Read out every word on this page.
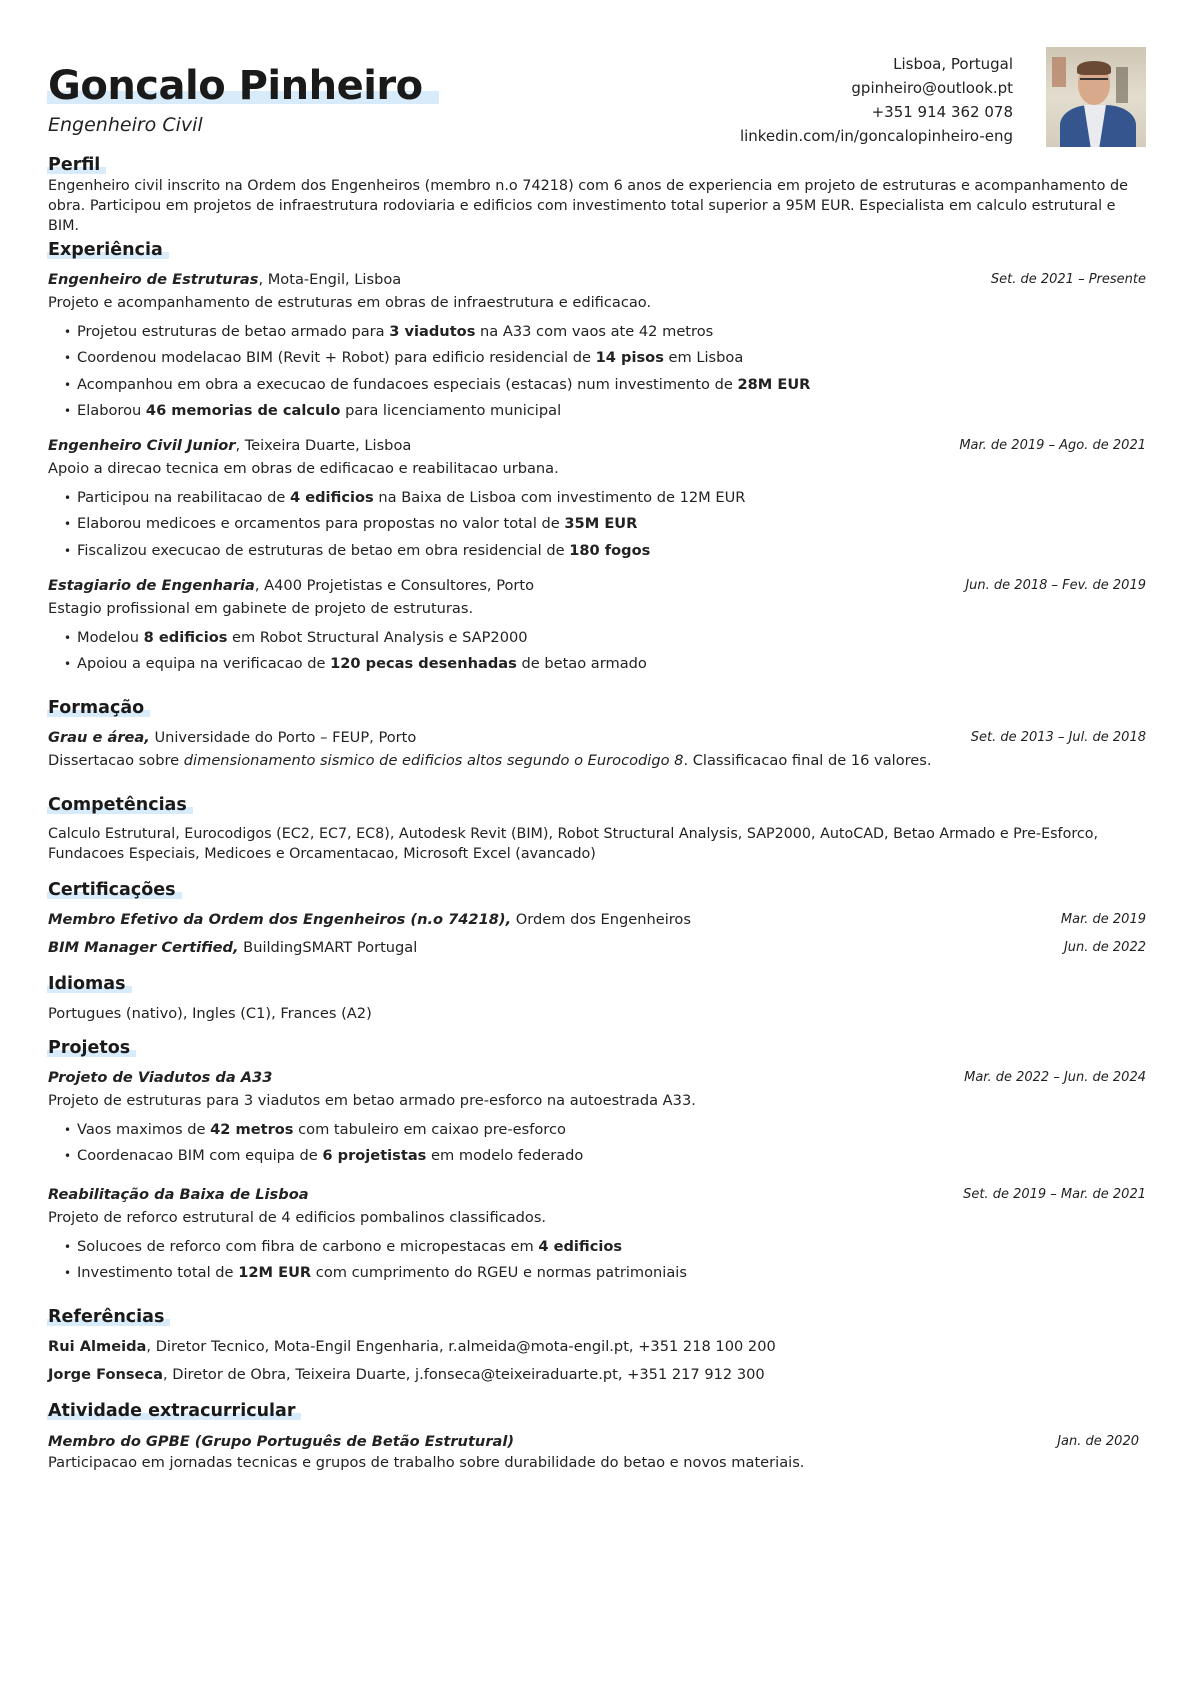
Goncalo Pinheiro
Engenheiro Civil
Lisboa, Portugal
gpinheiro@outlook.pt
+351 914 362 078
linkedin.com/in/goncalopinheiro-eng
Perfil
Engenheiro civil inscrito na Ordem dos Engenheiros (membro n.o 74218) com 6 anos de experiencia em projeto de estruturas e acompanhamento de obra. Participou em projetos de infraestrutura rodoviaria e edificios com investimento total superior a 95M EUR. Especialista em calculo estrutural e BIM.
Experiência
Engenheiro de Estruturas, Mota-Engil, Lisboa	Set. de 2021 – Presente
Projeto e acompanhamento de estruturas em obras de infraestrutura e edificacao.
• Projetou estruturas de betao armado para 3 viadutos na A33 com vaos ate 42 metros
• Coordenou modelacao BIM (Revit + Robot) para edificio residencial de 14 pisos em Lisboa
• Acompanhou em obra a execucao de fundacoes especiais (estacas) num investimento de 28M EUR
• Elaborou 46 memorias de calculo para licenciamento municipal
Engenheiro Civil Junior, Teixeira Duarte, Lisboa	Mar. de 2019 – Ago. de 2021
Apoio a direcao tecnica em obras de edificacao e reabilitacao urbana.
• Participou na reabilitacao de 4 edificios na Baixa de Lisboa com investimento de 12M EUR
• Elaborou medicoes e orcamentos para propostas no valor total de 35M EUR
• Fiscalizou execucao de estruturas de betao em obra residencial de 180 fogos
Estagiario de Engenharia, A400 Projetistas e Consultores, Porto	Jun. de 2018 – Fev. de 2019
Estagio profissional em gabinete de projeto de estruturas.
• Modelou 8 edificios em Robot Structural Analysis e SAP2000
• Apoiou a equipa na verificacao de 120 pecas desenhadas de betao armado
Formação
Grau e área, Universidade do Porto – FEUP, Porto	Set. de 2013 – Jul. de 2018
Dissertacao sobre dimensionamento sismico de edificios altos segundo o Eurocodigo 8. Classificacao final de 16 valores.
Competências
Calculo Estrutural, Eurocodigos (EC2, EC7, EC8), Autodesk Revit (BIM), Robot Structural Analysis, SAP2000, AutoCAD, Betao Armado e Pre-Esforco, Fundacoes Especiais, Medicoes e Orcamentacao, Microsoft Excel (avancado)
Certificações
Membro Efetivo da Ordem dos Engenheiros (n.o 74218), Ordem dos Engenheiros	Mar. de 2019
BIM Manager Certified, BuildingSMART Portugal	Jun. de 2022
Idiomas
Portugues (nativo), Ingles (C1), Frances (A2)
Projetos
Projeto de Viadutos da A33	Mar. de 2022 – Jun. de 2024
Projeto de estruturas para 3 viadutos em betao armado pre-esforco na autoestrada A33.
• Vaos maximos de 42 metros com tabuleiro em caixao pre-esforco
• Coordenacao BIM com equipa de 6 projetistas em modelo federado
Reabilitação da Baixa de Lisboa	Set. de 2019 – Mar. de 2021
Projeto de reforco estrutural de 4 edificios pombalinos classificados.
• Solucoes de reforco com fibra de carbono e micropestacas em 4 edificios
• Investimento total de 12M EUR com cumprimento do RGEU e normas patrimoniais
Referências
Rui Almeida, Diretor Tecnico, Mota-Engil Engenharia, r.almeida@mota-engil.pt, +351 218 100 200
Jorge Fonseca, Diretor de Obra, Teixeira Duarte, j.fonseca@teixeiraduarte.pt, +351 217 912 300
Atividade extracurricular
Membro do GPBE (Grupo Português de Betão Estrutural)	Jan. de 2020
Participacao em jornadas tecnicas e grupos de trabalho sobre durabilidade do betao e novos materiais.
